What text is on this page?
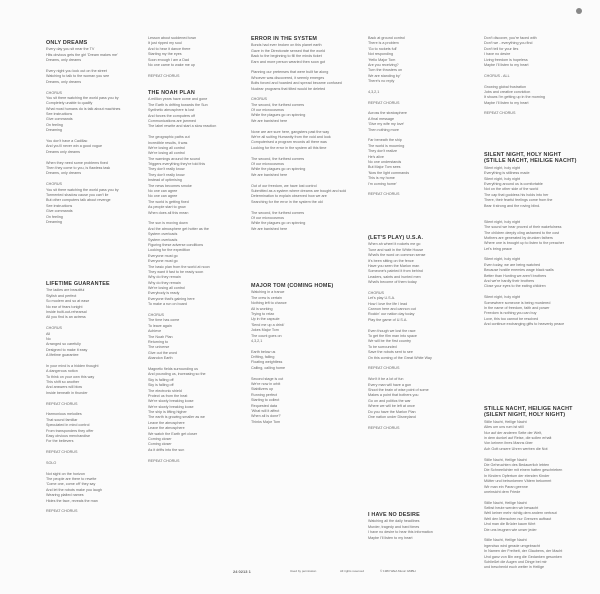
ONLY DREAMS
Every day you sit near the TV
Hits obvious gets the girl 'Dream makes me'
Dreams, only dreams
Every night you look out on the street
Watching to talk to the woman you see
Dreams, only dreams
CHORUS
You sit there watching the world pass you by
Completely unable to qualify
What most humans do is talk about machines
See instructions
Give commands
On feeling
Dreaming
You don't have a Cadillac
And you'll never win a good vogue
Dreams only dreams
When they need some problems fixed
Then they come to you, is flawless task
Dreams, only dreams
CHORUS
You sit there watching the world pass you by
Tormented shadow cause you can't lie
But other computers talk about revenge
See instructions
Give commands
On feeling
Dreaming
LIFETIME GUARANTEE
The ladies are beautiful
Stylish and perfect
So modern and so at ease
No ear of fears tonight
Inside built-out-rehearsal
All you find is an actress
CHORUS
All
No
Arranged so carefully
Designed to make it easy
A lifetime guarantee
In your mind is a hidden thought
A dangerous notion
To think on your own this way
This shift so another
And answers will blow
Inside beneath in thunder
REPEAT CHORUS
Harmonious melodies
That sound familiar
Speculated in mind control
From transponders they offer
Easy obvious merchandise
For the believers
REPEAT CHORUS
SOLO
Not sight on the horizon
The people are there to rewrite
'Come one, come off' they say
And let the robots make you laugh
Wearing plaited names
Hides the face, reveals the man
REPEAT CHORUS
Lesson about suddened town
It just ripped my soul
And to hear it dance there
Starting my the eyes
Soon enough I am a Dad
No one came to wake me up
REPEAT CHORUS
THE NOAH PLAN
A million years have come and gone
The Earth is drifting towards the Sun
Synthetic atmosphere is lost
And forces the computers off
Communications are jammed
The label rewrite and start a slow reaction
The geographic paths cut
Incredible results, it was
We're losing all control
We're losing all control
The warnings around the sound
Triggers everything they're told this
They don't really know
They don't really know
Instead of optimising
The news becomes smoke
No one can agree
No one can agree
The world is getting fixed
As people start to grow
When does all this mean
The sun is moving down
And the atmosphere get hotter as the
System overloads
System overloads
Figuring these adverse conditions
Looking for the expedition
Everyone must go
Everyone must go
The basic plan from the world at noon
They want it fast to be ready soon
Why do they remain
Why do they remain
We're losing all control
Everybody is ready
Everyone that's gaining here
To make a run on board
CHORUS
The time has come
To leave again
Achieve
The Noah Plan
Returning to
The universe
Give out the word
Abandon Earth
Magnetic fields surrounding us
And pounding us, increasing so the
Sky is falling off
Sky is falling off
The electronic shield
Protect us from the heat
We're slowly breaking loose
We're slowly breaking loose
The ship is lifting higher
The earth is growing smaller as we
Leave the atmosphere
Leave the atmosphere
We watch the Earth get closer
Coming closer
Coming closer
As it drifts into the sun
REPEAT CHORUS
ERROR IN THE SYSTEM
Bonds had ever broken on this planet earth
Gave in the Directorate sensed that the world
Back to the beginning to fill the minds ticket
Earn and more person wearied then soon got
Planning our pretenses that were built far along
Whoever was discovered, it seemly emerges
Bolts forced and hoarded and spread became confused
Nuclear programs that tilted would be deleted
CHORUS
The second, the furthest corners
Of our microcosmos
While the plagues go on spinning
We are banished here
None are are sure here, gangsters past the way
We're all suiting Humanity from the void and look
Computerised a program records all there was
Looking for the error in the system all this time
The second, the furthest corners
Of our microcosmos
While the plagues go on spinning
We are banished here
Out of our freedom, we have lost control
Submitted as a system where dreams are bought and sold
Determination to explain observed how we are
Searching for the error in the system the old
The second, the furthest corners
Of our microcosmos
While the plagues go on spinning
We are banished here
MAJOR TOM (COMING HOME)
Watching in a trance
The crew is certain
Nothing left to chance
All is working
Trying to relax
Up in the capsule
'Send me up a drink'
Jokes Major Tom
The count goes on
4,3,2,1
Earth below us
Drifting, falling
Floating weightless
Calling, calling home
Second stage is cut
We're now in orbit
Stabilizers up
Running perfect
Starting to collect
Requested data
'What will it affect
When all is done?'
Thinks Major Tom
Back at ground control
There is a problem
'Go to rockets full'
Not responding
'Hello Major Tom
Are you receiving?
Turn the thrusters on
We are standing by'
There's no reply
4,3,2,1
REPEAT CHORUS
Across the stratosphere
A final message
'Give my wife my love'
Then nothing more
Far beneath the ship
The world is mourning
They don't realize
He's alive
No one understands
But Major Tom sees
'Now the light commands
This is my home
I'm coming home'
REPEAT CHORUS
(LET'S PLAY) U.S.A.
When ah wheel it rockets me go
Tune and wait in the White House
What's the word on common sense
It's been sitting on the fence
Have you seen the Marlon man
Someone's painted it from behind
Leaders, saints and hunted men
What's become of them today
CHORUS
Let's play U.S.A.
How I love the life I lead
Cannon here and cannon out
Rockin' our nation day today
Play the game of U.S.A.
Even though we lost the race
To get the film man into space
We will be the first country
To be surrounded
Save the robots sent to see
On this coming of the Great White Way
REPEAT CHORUS
Won't it be a lot of fun
Every man will have a gun
Shoot the brain of wise point of some
Makes a point that bothers you
Go on and politics the war
Where we will be left at once
Do you have the Marlon Plan
One nation under Disneyland
REPEAT CHORUS
I HAVE NO DESIRE
Watching all the daily headlines
Murder, tragedy and hard times
I have no desire to hear this information
Maybe I'll listen to my heart
Don't discover, you're faced with
Don't we - everything you find
Don't tell for your lies
I have no desire
Living freedom is hopeless
Maybe I'll listen to my heart
CHORUS - ALL
Growing global frustration
Jobs and creative conviction
It shows I'm getting up in the morning
Maybe I'll listen to my heart
REPEAT CHORUS
SILENT NIGHT, HOLY NIGHT (STILLE NACHT, HEILIGE NACHT)
Silent night, holy night
Everything is stillness made
Silent night, holy night
Everything around us is comfortable
Not on the other side of the world
The cap that goddess his holds into her
There, their fearful feelings come from the
Bear it strong and the roving blind.
Silent night, holy night
The sound we hear proved of their wakefulness
The children deeply cling ashamed to the cost
Mothers are generated by drunken fathers
Where one is brought up to listen to the preacher
Let's bring peace
Silent night, holy night
Even today, we are being watched
Because hostile enemies wage black walls
Better than Hunting we aren't brothers
And we're hardly their brothers
Close your eyes to the eating children
Silent night, holy night
Somewhere someone is being murdered
In the name of freedom, faith and power
Freedom is nothing you can buy
Love, this too cannot be resolved
And continue exchanging gifts to heavenly peace
STILLE NACHT, HEILIGE NACHT (SILENT NIGHT, HOLY NIGHT)
Stille Nacht, Heilige Nacht
Alles um uns rum ist still
Nur auf der anderen Seite der Welt,
in dem dunkel auf Reise, die sollen erhalt
Von keinem ihres Manns über
Ach Gott unsere Uhren werben die Not
Stille Nacht, Heilige Nacht
Die Geheuchten des Bedauerlich lebten
Die Schneelichter mit einem hatten geschrieben
In Kindern Opfertum der elenden Kinder
Mütter und betrunkenen Vätern bekommt
Wir man ein Paran geenne
uneinsicht dem Friede
Stille Nacht, Heilige Nacht
Selbst heute werden wir bewacht
Weil keiner mehr richtig dem andern vertraut
Weil den Menschen nur Grenzen aufbaut
Und man die Brüder kaum führt
Die uns leugnen wie unser jeder
Stille Nacht, Heilige Nacht
Irgendwo wird gerade umgebracht
In Namen der Freiheit, der Glaubens, der Macht
Und ganz von Bin weg die Gedanken gesunken
Schließet die Augen und Dinge bei mir
und beschenkt euch weiter in Heilige
24 0213 1	Used by permission	All rights reserved	© 1983 WEA Music GMBH
